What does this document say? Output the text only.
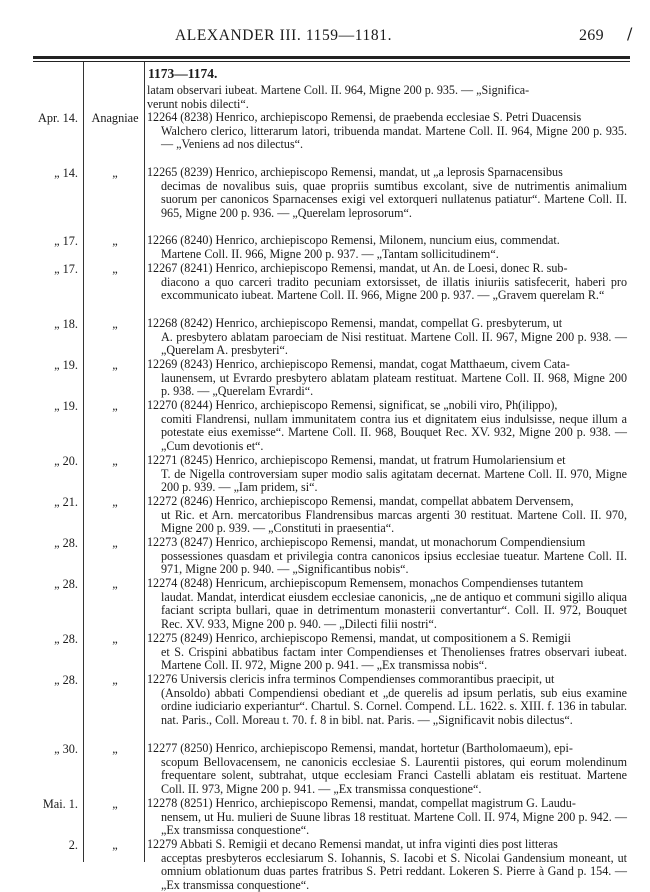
ALEXANDER III. 1159—1181.	269 /
1173—1174.
latam observari iubeat. Martene Coll. II. 964, Migne 200 p. 935. — „Significa-
verunt nobis dilecti“.
Apr. 14.	Anagniae 12264 (8238) Henrico, archiepiscopo Remensi, de praebenda ecclesiae S. Petri Duacensis
Walchero clerico, litterarum latori, tribuenda mandat. Martene Coll. II. 964, Migne 200 p. 935. — „Veniens ad nos dilectus“.
„ 14.	„	12265 (8239) Henrico, archiepiscopo Remensi, mandat, ut „a leprosis Sparnacensibus
decimas de novalibus suis, quae propriis sumtibus excolant, sive de nutrimentis animalium suorum per canonicos Sparnacenses exigi vel extorqueri nullatenus patiatur“. Martene Coll. II. 965, Migne 200 p. 936. — „Querelam leprosorum“.
„ 17.	„	12266 (8240) Henrico, archiepiscopo Remensi, Milonem, nuncium eius, commendat.
Martene Coll. II. 966, Migne 200 p. 937. — „Tantam sollicitudinem“.
„ 17.	„	12267 (8241) Henrico, archiepiscopo Remensi, mandat, ut An. de Loesi, donec R. sub-
diacono a quo carceri tradito pecuniam extorsisset, de illatis iniuriis satisfecerit, haberi pro excommunicato iubeat. Martene Coll. II. 966, Migne 200 p. 937. — „Gravem querelam R.“
„ 18.	„	12268 (8242) Henrico, archiepiscopo Remensi, mandat, compellat G. presbyterum, ut
A. presbytero ablatam paroeciam de Nisi restituat. Martene Coll. II. 967, Migne 200 p. 938. — „Querelam A. presbyteri“.
„ 19.	„	12269 (8243) Henrico, archiepiscopo Remensi, mandat, cogat Matthaeum, civem Cata-
launensem, ut Evrardo presbytero ablatam plateam restituat. Martene Coll. II. 968, Migne 200 p. 938. — „Querelam Evrardi“.
„ 19.	„	12270 (8244) Henrico, archiepiscopo Remensi, significat, se „nobili viro, Ph(ilippo),
comiti Flandrensi, nullam immunitatem contra ius et dignitatem eius indulsisse, neque illum a potestate eius exemisse“. Martene Coll. II. 968, Bouquet Rec. XV. 932, Migne 200 p. 938. — „Cum devotionis et“.
„ 20.	„	12271 (8245) Henrico, archiepiscopo Remensi, mandat, ut fratrum Humolariensium et
T. de Nigella controversiam super modio salis agitatam decernat. Martene Coll. II. 970, Migne 200 p. 939. — „Iam pridem, si“.
„ 21.	„	12272 (8246) Henrico, archiepiscopo Remensi, mandat, compellat abbatem Dervensem,
ut Ric. et Arn. mercatoribus Flandrensibus marcas argenti 30 restituat. Martene Coll. II. 970, Migne 200 p. 939. — „Constituti in praesentia“.
„ 28.	„	12273 (8247) Henrico, archiepiscopo Remensi, mandat, ut monachorum Compendiensium
possessiones quasdam et privilegia contra canonicos ipsius ecclesiae tueatur. Martene Coll. II. 971, Migne 200 p. 940. — „Significantibus nobis“.
„ 28.	„	12274 (8248) Henricum, archiepiscopum Remensem, monachos Compendienses tutantem
laudat. Mandat, interdicat eiusdem ecclesiae canonicis, „ne de antiquo et communi sigillo aliqua faciant scripta bullari, quae in detrimentum monasterii convertantur“. Coll. II. 972, Bouquet Rec. XV. 933, Migne 200 p. 940. — „Dilecti filii nostri“.
„ 28.	„	12275 (8249) Henrico, archiepiscopo Remensi, mandat, ut compositionem a S. Remigii
et S. Crispini abbatibus factam inter Compendienses et Thenolienses fratres observari iubeat. Martene Coll. II. 972, Migne 200 p. 941. — „Ex transmissa nobis“.
„ 28.	„	12276 Universis clericis infra terminos Compendienses commorantibus praecipit, ut
(Ansoldo) abbati Compendiensi obediant et „de querelis ad ipsum perlatis, sub eius examine ordine iudiciario experiantur“. Chartul. S. Cornel. Compend. LL. 1622. s. XIII. f. 136 in tabular. nat. Paris., Coll. Moreau t. 70. f. 8 in bibl. nat. Paris. — „Significavit nobis dilectus“.
„ 30.	„	12277 (8250) Henrico, archiepiscopo Remensi, mandat, hortetur (Bartholomaeum), epi-
scopum Bellovacensem, ne canonicis ecclesiae S. Laurentii pistores, qui eorum molendinum frequentare solent, subtrahat, utque ecclesiam Franci Castelli ablatam eis restituat. Martene Coll. II. 973, Migne 200 p. 941. — „Ex transmissa conquestione“.
Mai. 1.	„	12278 (8251) Henrico, archiepiscopo Remensi, mandat, compellat magistrum G. Laudu-
nensem, ut Hu. mulieri de Suune libras 18 restituat. Martene Coll. II. 974, Migne 200 p. 942. — „Ex transmissa conquestione“.
2.	„	12279 Abbati S. Remigii et decano Remensi mandat, ut infra viginti dies post litteras
acceptas presbyteros ecclesiarum S. Iohannis, S. Iacobi et S. Nicolai Gandensium moneant, ut omnium oblationum duas partes fratribus S. Petri reddant. Lokeren S. Pierre à Gand p. 154. — „Ex transmissa conquestione“.
